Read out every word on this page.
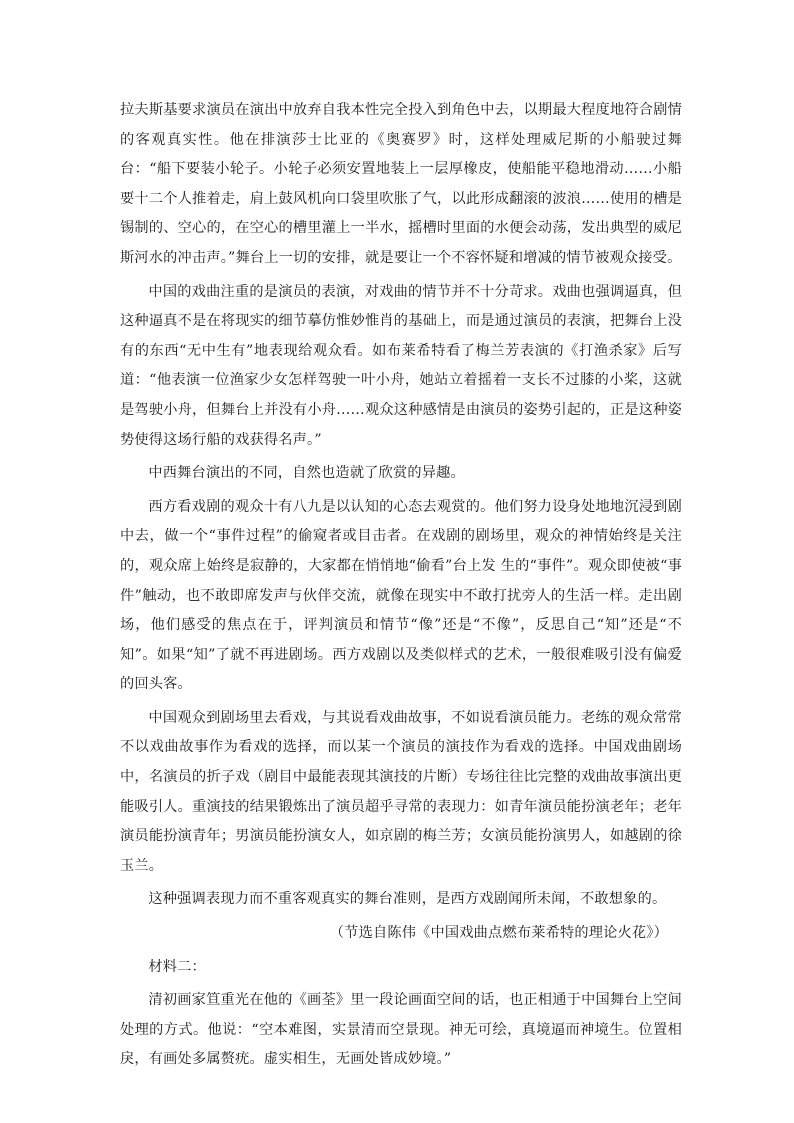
拉夫斯基要求演员在演出中放弃自我本性完全投入到角色中去，以期最大程度地符合剧情的客观真实性。他在排演莎士比亚的《奥赛罗》时，这样处理威尼斯的小船驶过舞台：“船下要装小轮子。小轮子必须安置地装上一层厚橡皮，使船能平稳地滑动……小船要十二个人推着走，肩上鼓风机向口袋里吹胀了气，以此形成翻滚的波浪……使用的槽是锡制的、空心的，在空心的槽里灌上一半水，摇槽时里面的水便会动荡，发出典型的威尼斯河水的冲击声。”舞台上一切的安排，就是要让一个不容怀疑和增减的情节被观众接受。

中国的戏曲注重的是演员的表演，对戏曲的情节并不十分苛求。戏曲也强调逼真，但这种逼真不是在将现实的细节摹仿惟妙惟肖的基础上，而是通过演员的表演，把舞台上没有的东西“无中生有”地表现给观众看。如布莱希特看了梅兰芳表演的《打渔杀家》后写道：“他表演一位渔家少女怎样驾驶一叶小舟，她站立着摇着一支长不过膝的小桨，这就是驾驶小舟，但舞台上并没有小舟……观众这种感情是由演员的姿势引起的，正是这种姿势使得这场行船的戏获得名声。”

中西舞台演出的不同，自然也造就了欣赏的异趣。

西方看戏剧的观众十有八九是以认知的心态去观赏的。他们努力设身处地地沉浸到剧中去，做一个“事件过程”的偷窥者或目击者。在戏剧的剧场里，观众的神情始终是关注的，观众席上始终是寂静的，大家都在悄悄地“偷看”台上发 生的“事件”。观众即使被“事件”触动，也不敢即席发声与伙伴交流，就像在现实中不敢打扰旁人的生活一样。走出剧场，他们感受的焦点在于，评判演员和情节“像”还是“不像”，反思自己“知”还是“不知”。如果“知”了就不再进剧场。西方戏剧以及类似样式的艺术，一般很难吸引没有偏爱的回头客。

中国观众到剧场里去看戏，与其说看戏曲故事，不如说看演员能力。老练的观众常常不以戏曲故事作为看戏的选择，而以某一个演员的演技作为看戏的选择。中国戏曲剧场中，名演员的折子戏（剧目中最能表现其演技的片断）专场往往比完整的戏曲故事演出更能吸引人。重演技的结果锻炼出了演员超乎寻常的表现力：如青年演员能扮演老年；老年演员能扮演青年；男演员能扮演女人，如京剧的梅兰芳；女演员能扮演男人，如越剧的徐玉兰。

这种强调表现力而不重客观真实的舞台准则，是西方戏剧闻所未闻，不敢想象的。

（节选自陈伟《中国戏曲点燃布莱希特的理论火花》）

材料二：

清初画家笪重光在他的《画荃》里一段论画面空间的话，也正相通于中国舞台上空间处理的方式。他说：“空本难图，实景清而空景现。神无可绘，真境逼而神境生。位置相戾，有画处多属赘疣。虚实相生，无画处皆成妙境。”
